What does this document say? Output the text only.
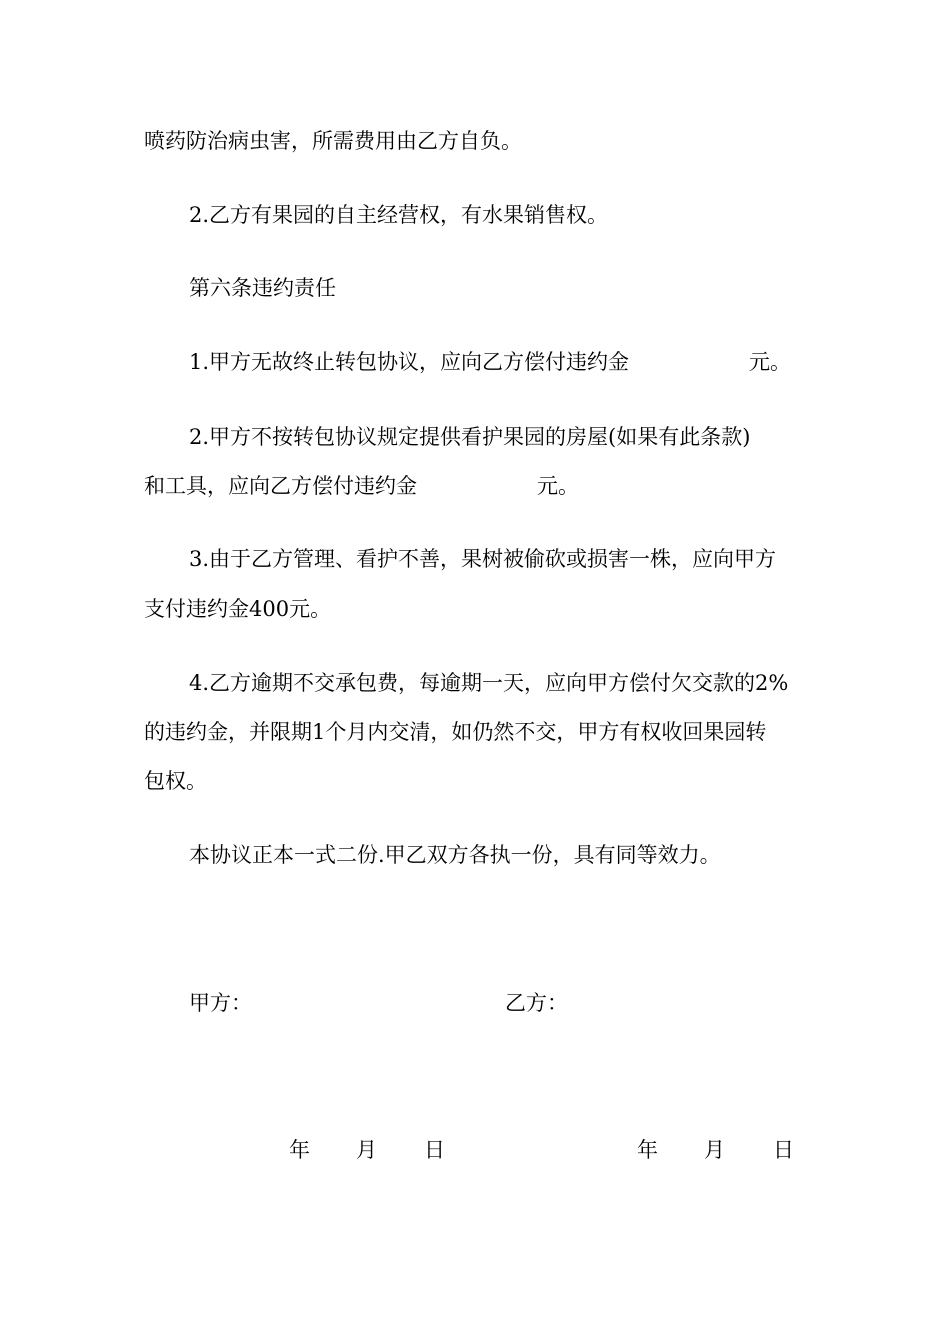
喷药防治病虫害，所需费用由乙方自负。
2.乙方有果园的自主经营权，有水果销售权。
第六条违约责任
1.甲方无故终止转包协议，应向乙方偿付违约金	元。
2.甲方不按转包协议规定提供看护果园的房屋(如果有此条款)
和工具，应向乙方偿付违约金	元。
3.由于乙方管理、看护不善，果树被偷砍或损害一株，应向甲方
支付违约金400元。
4.乙方逾期不交承包费，每逾期一天，应向甲方偿付欠交款的2%
的违约金，并限期1个月内交清，如仍然不交，甲方有权收回果园转
包权。
本协议正本一式二份.甲乙双方各执一份，具有同等效力。
甲方：	乙方：
年 月 日	年 月 日
